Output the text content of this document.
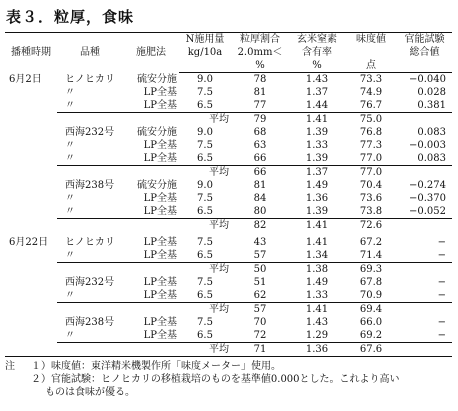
表３．粒厚，食味
播種時期	品種	施肥法	N施用量	粒厚割合	玄米窒素	味度値	官能試験
			kg/10a	2.0mm＜	含有率		総合値
				%	%	点	
6月2日	ヒノヒカリ	硫安分施	9.0	78	1.43	73.3	−0.040
	〃	LP全基	7.5	81	1.37	74.9	0.028
	〃	LP全基	6.5	77	1.44	76.7	0.381
	平均			79	1.41	75.0	
	西海232号	硫安分施	9.0	68	1.39	76.8	0.083
	〃	LP全基	7.5	63	1.33	77.3	−0.003
	〃	LP全基	6.5	66	1.39	77.0	0.083
	平均			66	1.37	77.0	
	西海238号	硫安分施	9.0	81	1.49	70.4	−0.274
	〃	LP全基	7.5	84	1.36	73.6	−0.370
	〃	LP全基	6.5	80	1.39	73.8	−0.052
	平均			82	1.41	72.6	

6月22日	ヒノヒカリ	LP全基	7.5	43	1.41	67.2	−
	〃	LP全基	6.5	57	1.34	71.4	−
	平均			50	1.38	69.3	
	西海232号	LP全基	7.5	51	1.49	67.8	−
	〃	LP全基	6.5	62	1.33	70.9	−
	平均			57	1.41	69.4	
	西海238号	LP全基	7.5	70	1.43	66.0	−
	〃	LP全基	6.5	72	1.29	69.2	−
	平均			71	1.36	67.6	
注 １）味度値：東洋精米機製作所「味度メーター」使用。
２）官能試験：ヒノヒカリの移植栽培のものを基準値0.000とした。これより高い
ものは食味が優る。
